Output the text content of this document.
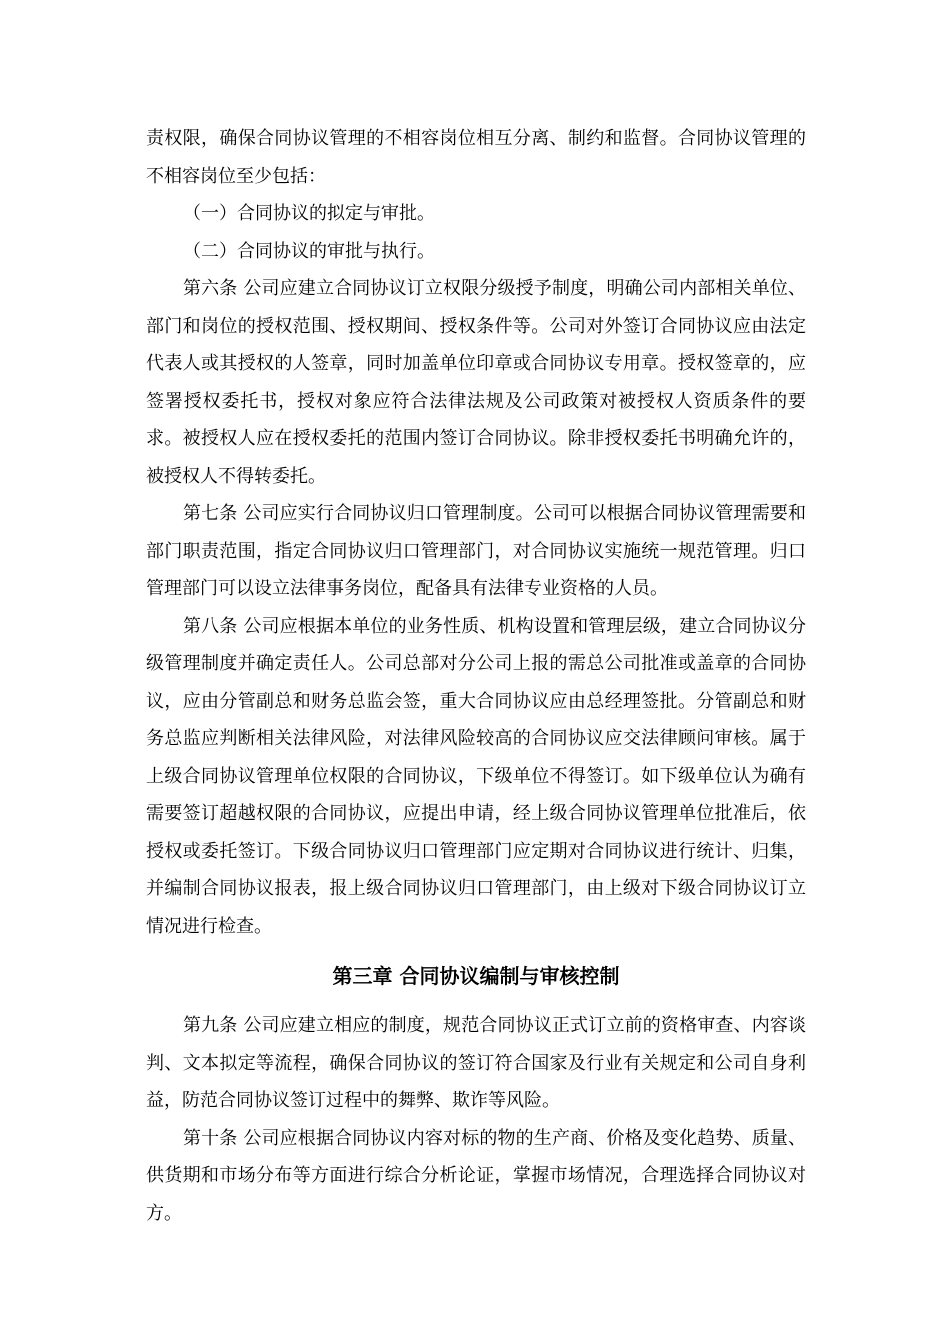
责权限，确保合同协议管理的不相容岗位相互分离、制约和监督。合同协议管理的不相容岗位至少包括：

（一）合同协议的拟定与审批。

（二）合同协议的审批与执行。

第六条 公司应建立合同协议订立权限分级授予制度，明确公司内部相关单位、部门和岗位的授权范围、授权期间、授权条件等。公司对外签订合同协议应由法定代表人或其授权的人签章，同时加盖单位印章或合同协议专用章。授权签章的，应签署授权委托书，授权对象应符合法律法规及公司政策对被授权人资质条件的要求。被授权人应在授权委托的范围内签订合同协议。除非授权委托书明确允许的，被授权人不得转委托。

第七条 公司应实行合同协议归口管理制度。公司可以根据合同协议管理需要和部门职责范围，指定合同协议归口管理部门，对合同协议实施统一规范管理。归口管理部门可以设立法律事务岗位，配备具有法律专业资格的人员。

第八条 公司应根据本单位的业务性质、机构设置和管理层级，建立合同协议分级管理制度并确定责任人。公司总部对分公司上报的需总公司批准或盖章的合同协议，应由分管副总和财务总监会签，重大合同协议应由总经理签批。分管副总和财务总监应判断相关法律风险，对法律风险较高的合同协议应交法律顾问审核。属于上级合同协议管理单位权限的合同协议，下级单位不得签订。如下级单位认为确有需要签订超越权限的合同协议，应提出申请，经上级合同协议管理单位批准后，依授权或委托签订。下级合同协议归口管理部门应定期对合同协议进行统计、归集，并编制合同协议报表，报上级合同协议归口管理部门，由上级对下级合同协议订立情况进行检查。

第三章 合同协议编制与审核控制

第九条 公司应建立相应的制度，规范合同协议正式订立前的资格审查、内容谈判、文本拟定等流程，确保合同协议的签订符合国家及行业有关规定和公司自身利益，防范合同协议签订过程中的舞弊、欺诈等风险。

第十条 公司应根据合同协议内容对标的物的生产商、价格及变化趋势、质量、供货期和市场分布等方面进行综合分析论证，掌握市场情况，合理选择合同协议对方。
